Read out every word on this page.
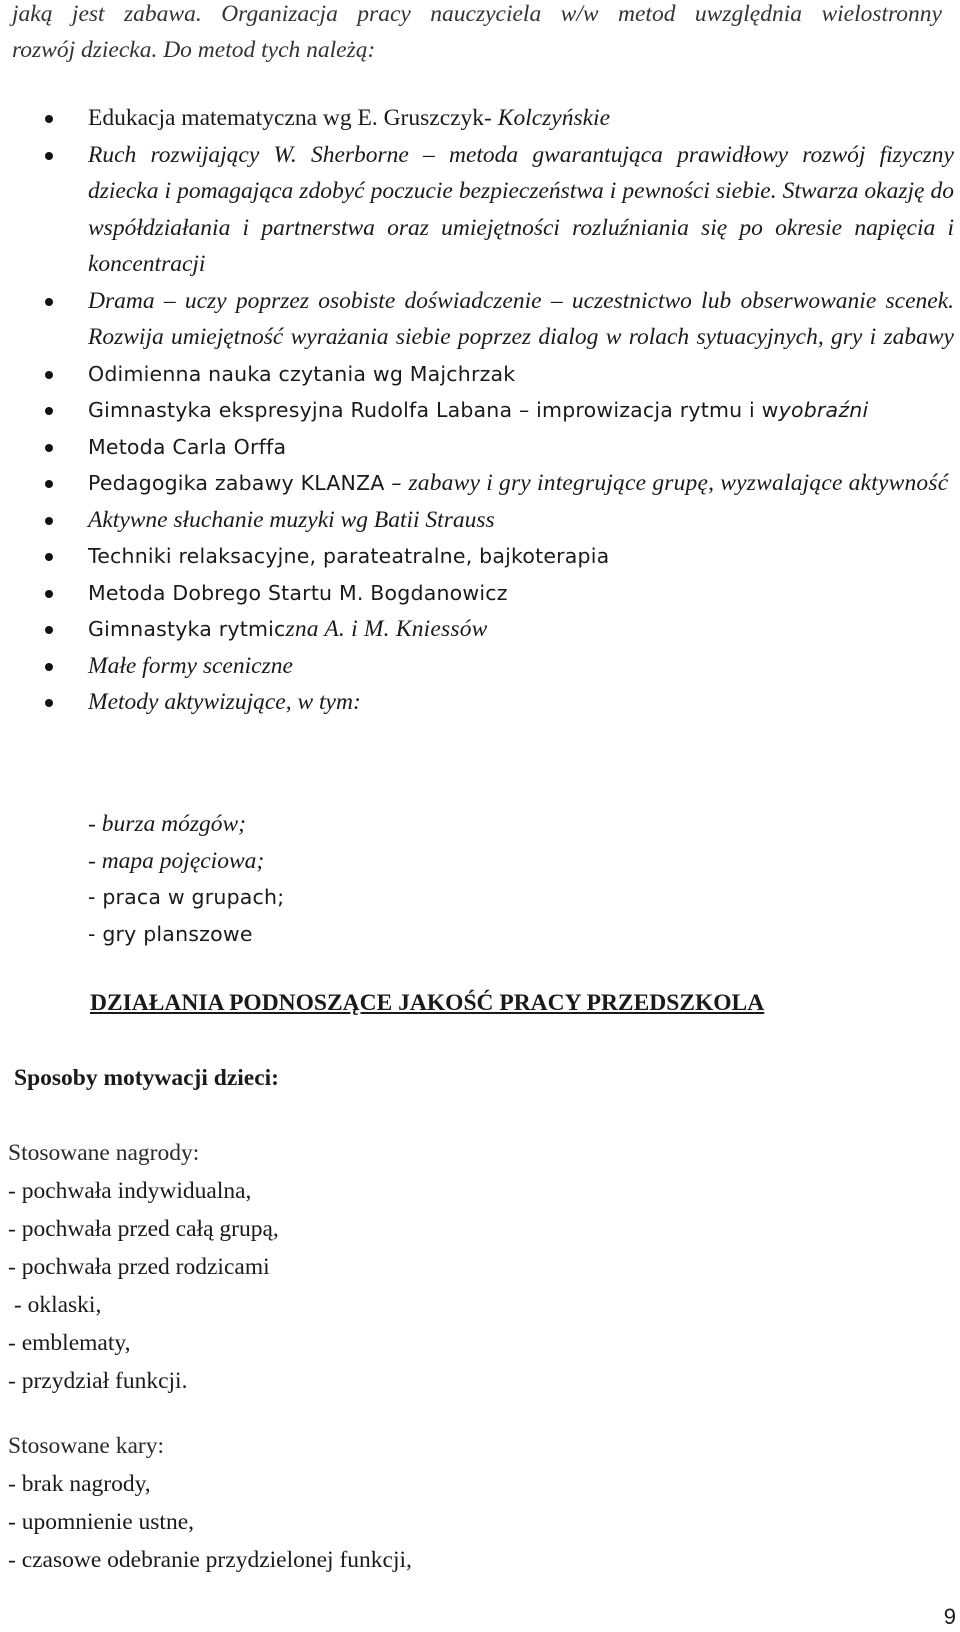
jaką jest zabawa. Organizacja pracy nauczyciela w/w metod uwzględnia wielostronny

rozwój dziecka. Do metod tych należą:

Edukacja matematyczna wg E. Gruszczyk- Kolczyńskie
Ruch rozwijający W. Sherborne – metoda gwarantująca prawidłowy rozwój fizyczny dziecka i pomagająca zdobyć poczucie bezpieczeństwa i pewności siebie. Stwarza okazję do współdziałania i partnerstwa oraz umiejętności rozluźniania się po okresie napięcia i koncentracji
Drama – uczy poprzez osobiste doświadczenie – uczestnictwo lub obserwowanie scenek. Rozwija umiejętność wyrażania siebie poprzez dialog w rolach sytuacyjnych, gry i zabawy
Odimienna nauka czytania wg Majchrzak
Gimnastyka ekspresyjna Rudolfa Labana – improwizacja rytmu i wyobraźni
Metoda Carla Orffa
Pedagogika zabawy KLANZA – zabawy i gry integrujące grupę, wyzwalające aktywność
Aktywne słuchanie muzyki wg Batii Strauss
Techniki relaksacyjne, parateatralne, bajkoterapia
Metoda Dobrego Startu M. Bogdanowicz
Gimnastyka rytmiczna A. i M. Kniessów
Małe formy sceniczne
Metody aktywizujące, w tym:
- burza mózgów;
- mapa pojęciowa;
- praca w grupach;
- gry planszowe
DZIAŁANIA PODNOSZĄCE JAKOŚĆ PRACY PRZEDSZKOLA
Sposoby motywacji dzieci:
Stosowane nagrody:
- pochwała indywidualna,
- pochwała przed całą grupą,
- pochwała przed rodzicami
- oklaski,
- emblematy,
- przydział funkcji.
Stosowane kary:
- brak nagrody,
- upomnienie ustne,
- czasowe odebranie przydzielonej funkcji,
9
